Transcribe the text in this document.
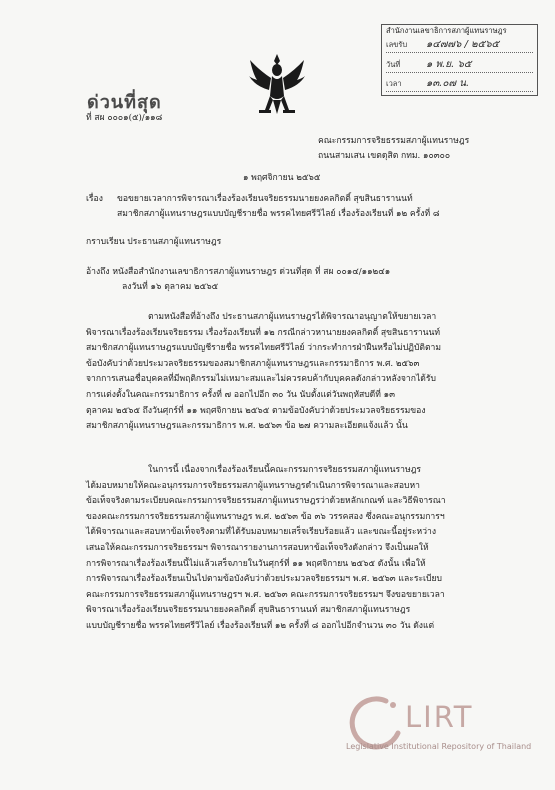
สำนักงานเลขาธิการสภาผู้แทนราษฎร
เลขรับ ๑๔๗๗๖ / ๒๕๖๕
วันที่	๑ พ.ย. ๖๕
เวลา ๑๓.๐๗ น.
ด่วนที่สุด
ที่ สผ ๐๐๐๑(๕)/๑๑๘
คณะกรรมการจริยธรรมสภาผู้แทนราษฎร
ถนนสามเสน เขตดุสิต กทม. ๑๐๓๐๐
๑ พฤศจิกายน ๒๕๖๕
เรื่อง ขอขยายเวลาการพิจารณาเรื่องร้องเรียนจริยธรรมนายยงคลกิตติ์ สุขสินธารานนท์
สมาชิกสภาผู้แทนราษฎรแบบบัญชีรายชื่อ พรรคไทยศรีวิไลย์ เรื่องร้องเรียนที่ ๑๒ ครั้งที่ ๘
กราบเรียน ประธานสภาผู้แทนราษฎร
อ้างถึง หนังสือสำนักงานเลขาธิการสภาผู้แทนราษฎร ด่วนที่สุด ที่ สผ ๐๐๑๔/๑๑๒๔๑
ลงวันที่ ๑๖ ตุลาคม ๒๕๖๕

ตามหนังสือที่อ้างถึง ประธานสภาผู้แทนราษฎรได้พิจารณาอนุญาตให้ขยายเวลา

พิจารณาเรื่องร้องเรียนจริยธรรม เรื่องร้องเรียนที่ ๑๒ กรณีกล่าวหานายยงคลกิตติ์ สุขสินธารานนท์

สมาชิกสภาผู้แทนราษฎรแบบบัญชีรายชื่อ พรรคไทยศรีวิไลย์ ว่ากระทำการฝ่าฝืนหรือไม่ปฏิบัติตาม

ข้อบังคับว่าด้วยประมวลจริยธรรมของสมาชิกสภาผู้แทนราษฎรและกรรมาธิการ พ.ศ. ๒๕๖๓

จากการเสนอชื่อบุคคลที่มีพฤติกรรมไม่เหมาะสมและไม่ควรคบค้ากับบุคคลดังกล่าวหลังจากได้รับ

การแต่งตั้งในคณะกรรมาธิการ ครั้งที่ ๗ ออกไปอีก ๓๐ วัน นับตั้งแต่วันพฤหัสบดีที่ ๑๓

ตุลาคม ๒๕๖๕ ถึงวันศุกร์ที่ ๑๑ พฤศจิกายน ๒๕๖๕ ตามข้อบังคับว่าด้วยประมวลจริยธรรมของ

สมาชิกสภาผู้แทนราษฎรและกรรมาธิการ พ.ศ. ๒๕๖๓ ข้อ ๒๗ ความละเอียดแจ้งแล้ว นั้น

ในการนี้ เนื่องจากเรื่องร้องเรียนนี้คณะกรรมการจริยธรรมสภาผู้แทนราษฎร

ได้มอบหมายให้คณะอนุกรรมการจริยธรรมสภาผู้แทนราษฎรดำเนินการพิจารณาและสอบหา

ข้อเท็จจริงตามระเบียบคณะกรรมการจริยธรรมสภาผู้แทนราษฎรว่าด้วยหลักเกณฑ์ และวิธีพิจารณา

ของคณะกรรมการจริยธรรมสภาผู้แทนราษฎร พ.ศ. ๒๕๖๓ ข้อ ๓๖ วรรคสอง ซึ่งคณะอนุกรรมการฯ

ได้พิจารณาและสอบหาข้อเท็จจริงตามที่ได้รับมอบหมายเสร็จเรียบร้อยแล้ว และขณะนี้อยู่ระหว่าง

เสนอให้คณะกรรมการจริยธรรมฯ พิจารณารายงานการสอบหาข้อเท็จจริงดังกล่าว จึงเป็นผลให้

การพิจารณาเรื่องร้องเรียนนี้ไม่แล้วเสร็จภายในวันศุกร์ที่ ๑๑ พฤศจิกายน ๒๕๖๕ ดังนั้น เพื่อให้

การพิจารณาเรื่องร้องเรียนเป็นไปตามข้อบังคับว่าด้วยประมวลจริยธรรมฯ พ.ศ. ๒๕๖๓ และระเบียบ

คณะกรรมการจริยธรรมสภาผู้แทนราษฎรฯ พ.ศ. ๒๕๖๓ คณะกรรมการจริยธรรมฯ จึงขอขยายเวลา

พิจารณาเรื่องร้องเรียนจริยธรรมนายยงคลกิตติ์ สุขสินธารานนท์ สมาชิกสภาผู้แทนราษฎร

แบบบัญชีรายชื่อ พรรคไทยศรีวิไลย์ เรื่องร้องเรียนที่ ๑๒ ครั้งที่ ๘ ออกไปอีกจำนวน ๓๐ วัน ดังแต่

LIRT
Legislative Institutional Repository of Thailand
